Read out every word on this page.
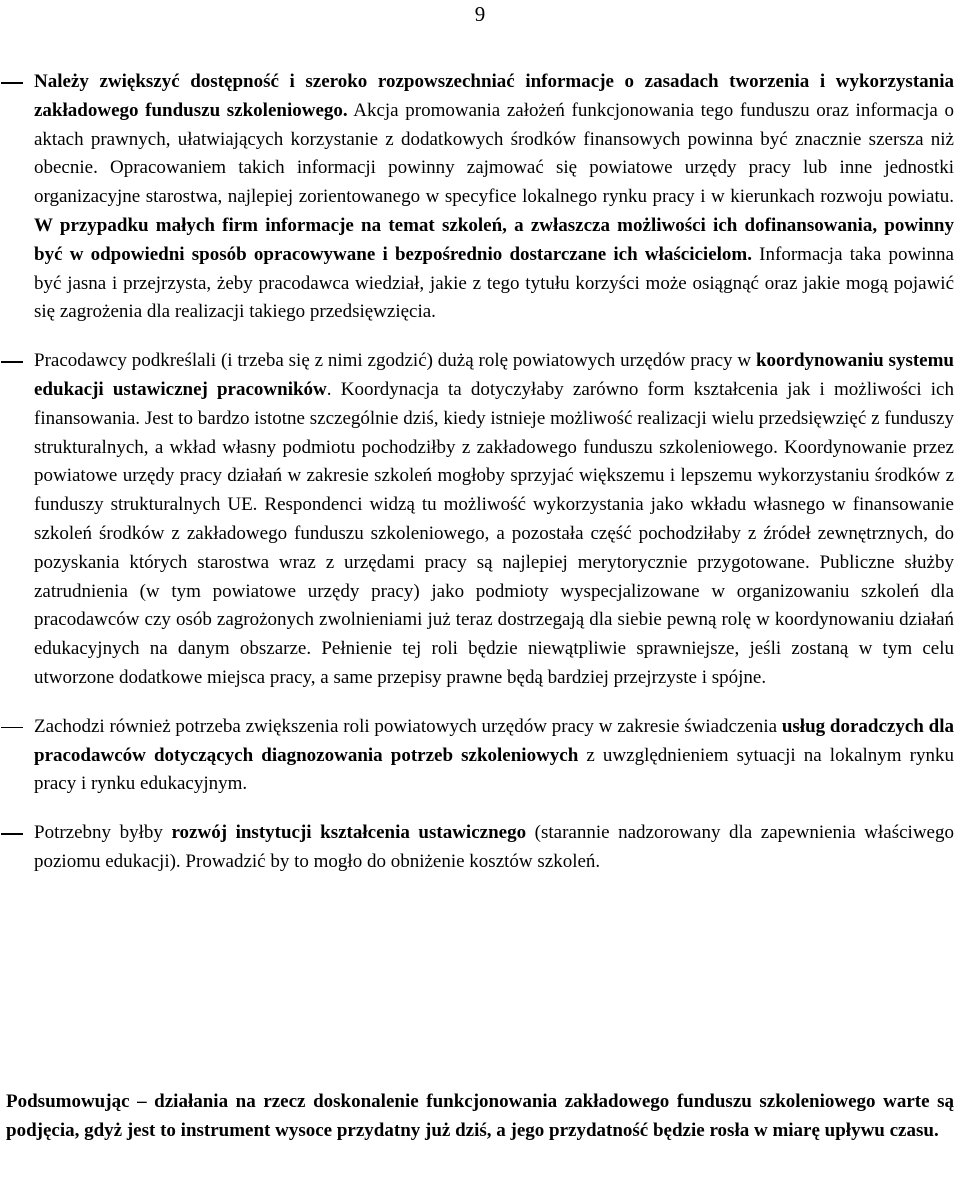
9
Należy zwiększyć dostępność i szeroko rozpowszechniać informacje o zasadach tworzenia i wykorzystania zakładowego funduszu szkoleniowego. Akcja promowania założeń funkcjonowania tego funduszu oraz informacja o aktach prawnych, ułatwiających korzystanie z dodatkowych środków finansowych powinna być znacznie szersza niż obecnie. Opracowaniem takich informacji powinny zajmować się powiatowe urzędy pracy lub inne jednostki organizacyjne starostwa, najlepiej zorientowanego w specyfice lokalnego rynku pracy i w kierunkach rozwoju powiatu. W przypadku małych firm informacje na temat szkoleń, a zwłaszcza możliwości ich dofinansowania, powinny być w odpowiedni sposób opracowywane i bezpośrednio dostarczane ich właścicielom. Informacja taka powinna być jasna i przejrzysta, żeby pracodawca wiedział, jakie z tego tytułu korzyści może osiągnąć oraz jakie mogą pojawić się zagrożenia dla realizacji takiego przedsięwzięcia.
Pracodawcy podkreślali (i trzeba się z nimi zgodzić) dużą rolę powiatowych urzędów pracy w koordynowaniu systemu edukacji ustawicznej pracowników. Koordynacja ta dotyczyłaby zarówno form kształcenia jak i możliwości ich finansowania. Jest to bardzo istotne szczególnie dziś, kiedy istnieje możliwość realizacji wielu przedsięwzięć z funduszy strukturalnych, a wkład własny podmiotu pochodziłby z zakładowego funduszu szkoleniowego. Koordynowanie przez powiatowe urzędy pracy działań w zakresie szkoleń mogłoby sprzyjać większemu i lepszemu wykorzystaniu środków z funduszy strukturalnych UE. Respondenci widzą tu możliwość wykorzystania jako wkładu własnego w finansowanie szkoleń środków z zakładowego funduszu szkoleniowego, a pozostała część pochodziłaby z źródeł zewnętrznych, do pozyskania których starostwa wraz z urzędami pracy są najlepiej merytorycznie przygotowane. Publiczne służby zatrudnienia (w tym powiatowe urzędy pracy) jako podmioty wyspecjalizowane w organizowaniu szkoleń dla pracodawców czy osób zagrożonych zwolnieniami już teraz dostrzegają dla siebie pewną rolę w koordynowaniu działań edukacyjnych na danym obszarze. Pełnienie tej roli będzie niewątpliwie sprawniejsze, jeśli zostaną w tym celu utworzone dodatkowe miejsca pracy, a same przepisy prawne będą bardziej przejrzyste i spójne.
Zachodzi również potrzeba zwiększenia roli powiatowych urzędów pracy w zakresie świadczenia usług doradczych dla pracodawców dotyczących diagnozowania potrzeb szkoleniowych z uwzględnieniem sytuacji na lokalnym rynku pracy i rynku edukacyjnym.
Potrzebny byłby rozwój instytucji kształcenia ustawicznego (starannie nadzorowany dla zapewnienia właściwego poziomu edukacji). Prowadzić by to mogło do obniżenie kosztów szkoleń.
Podsumowując – działania na rzecz doskonalenie funkcjonowania zakładowego funduszu szkoleniowego warte są podjęcia, gdyż jest to instrument wysoce przydatny już dziś, a jego przydatność będzie rosła w miarę upływu czasu.
